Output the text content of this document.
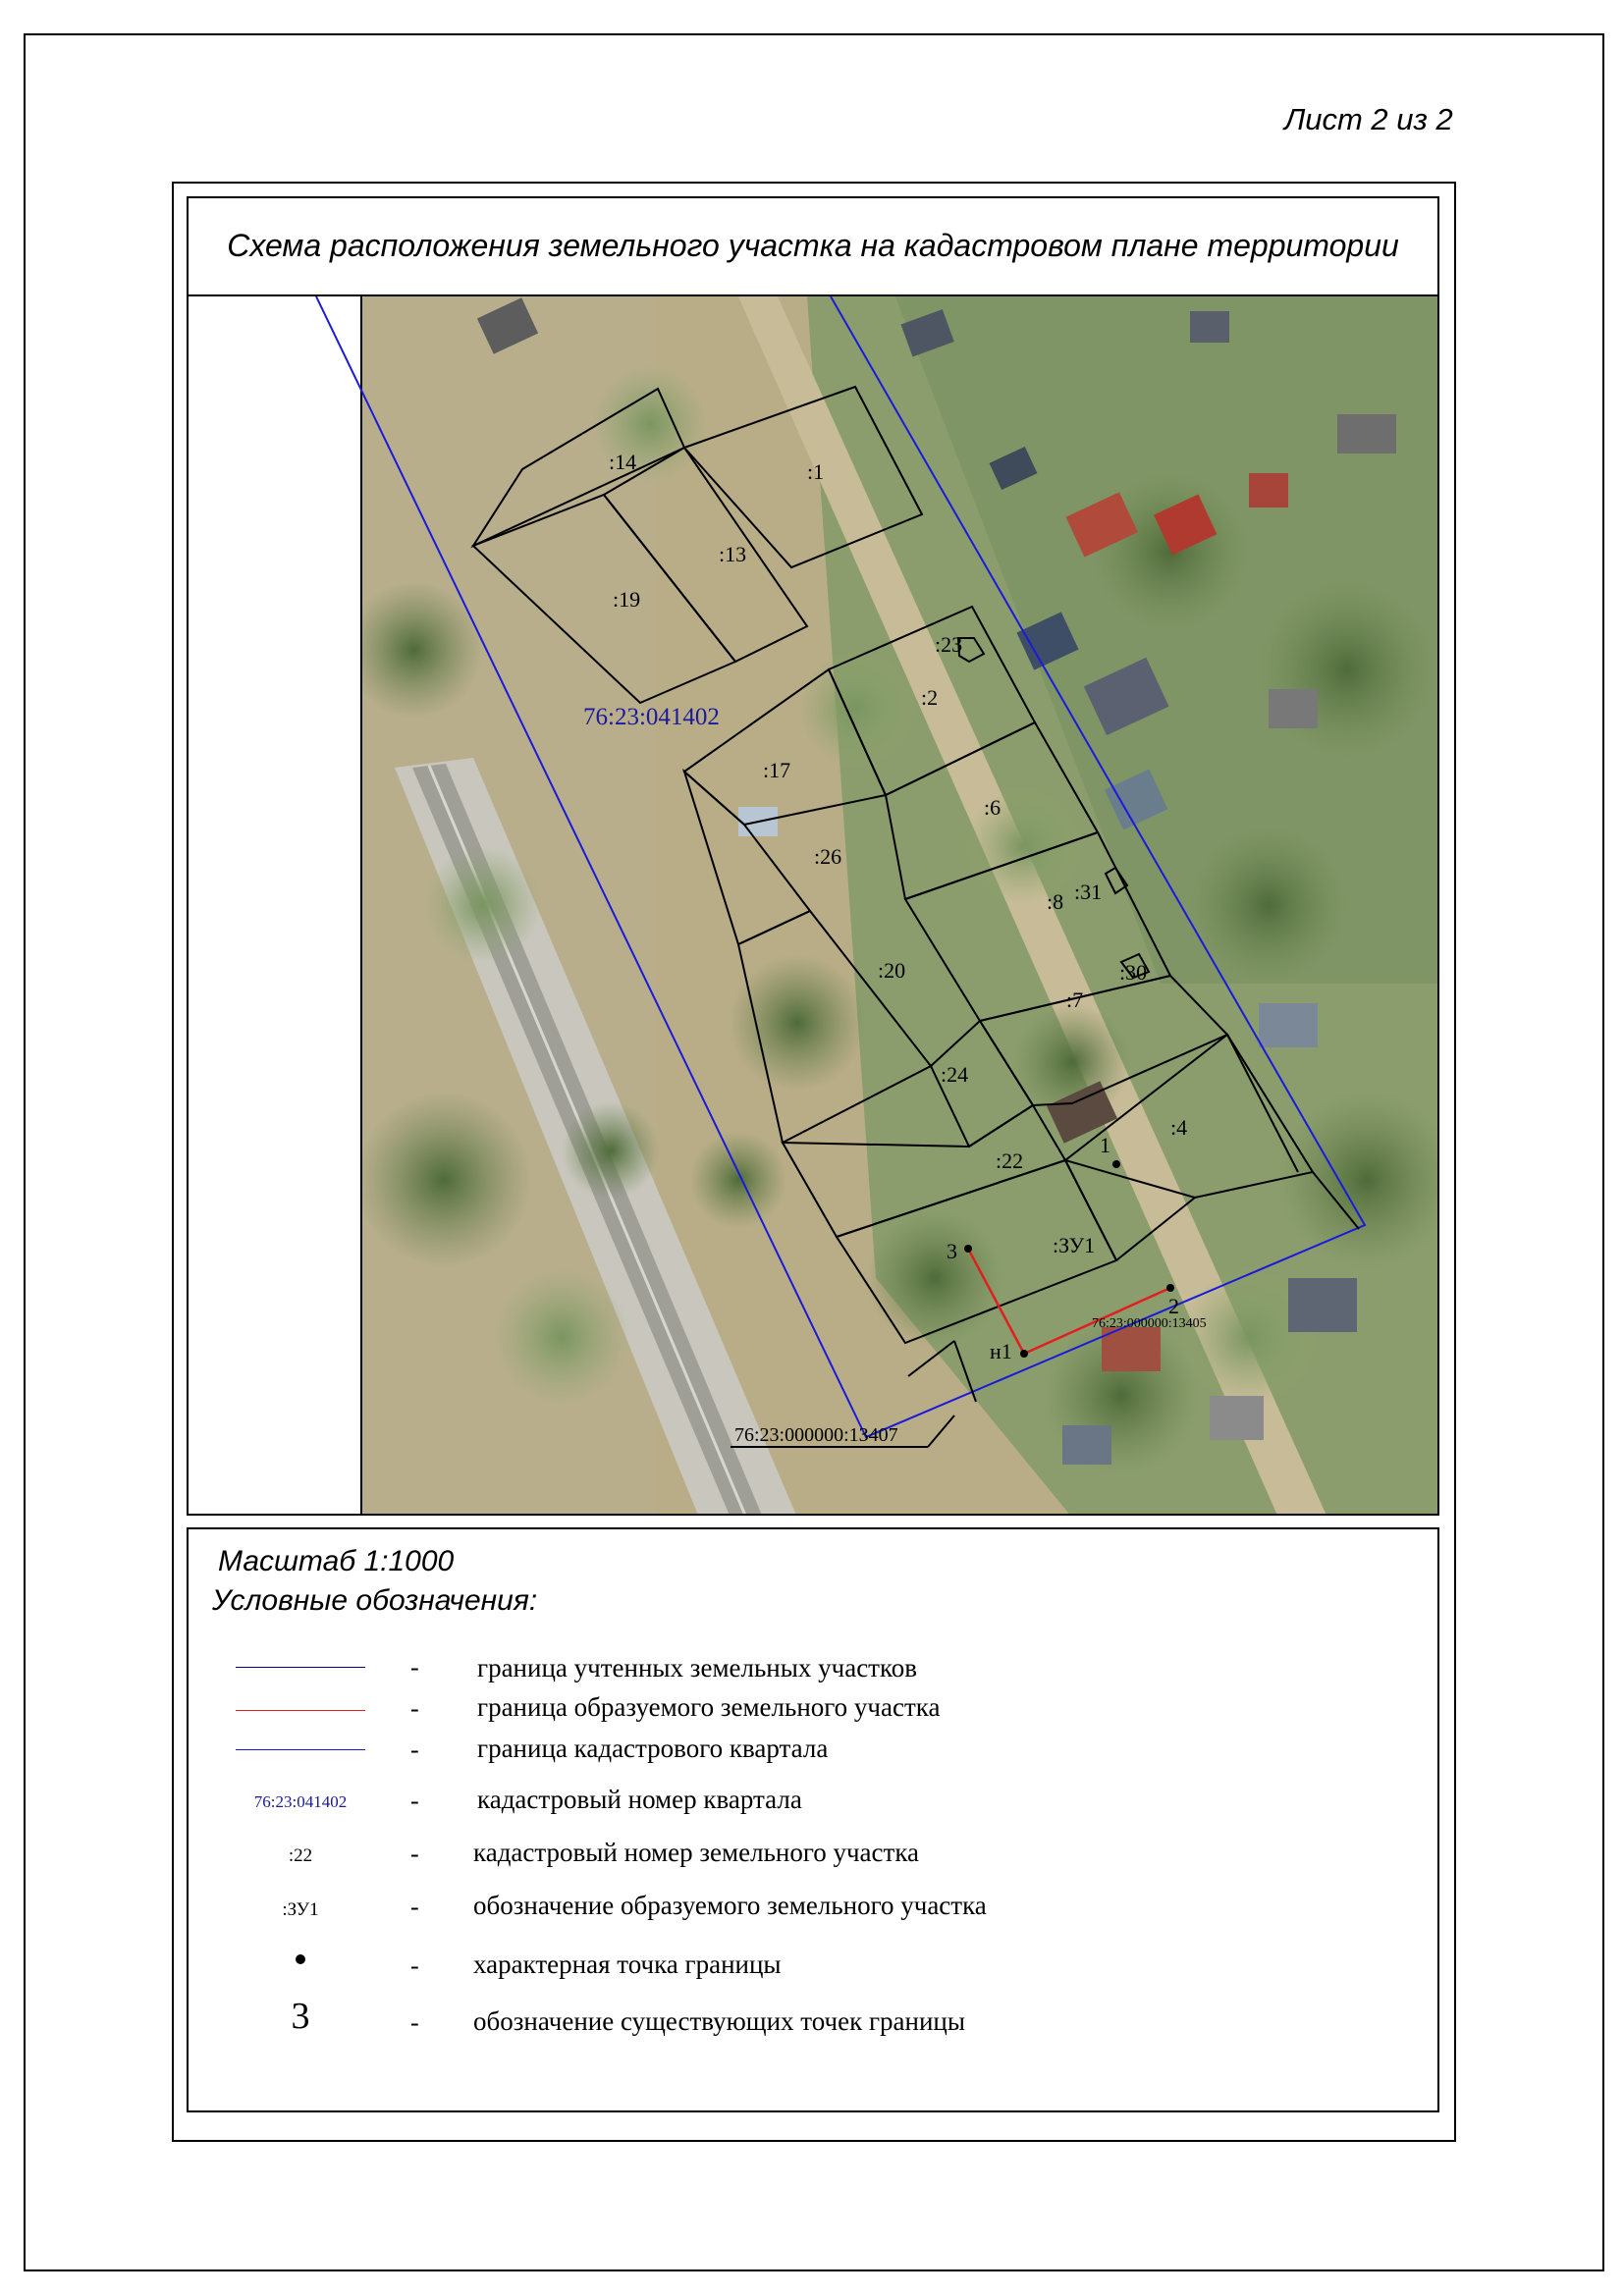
Лист 2 из 2
Схема расположения земельного участка на кадастровом плане территории
:14	:1
:13
:19
:23
:2
:17
:6
:26
:8 :31
:20	:30
:7
:24
:22
:4
:ЗУ1
1
2
3
н1
76:23:000000:13405
76:23:000000:13407
76:23:041402
Масштаб 1:1000
Условные обозначения:
- граница учтенных земельных участков
- граница образуемого земельного участка
- граница кадастрового квартала
76:23:041402	- кадастровый номер квартала
:22	- кадастровый номер земельного участка
:ЗУ1	- обозначение образуемого земельного участка
- характерная точка границы
3	- обозначение существующих точек границы
